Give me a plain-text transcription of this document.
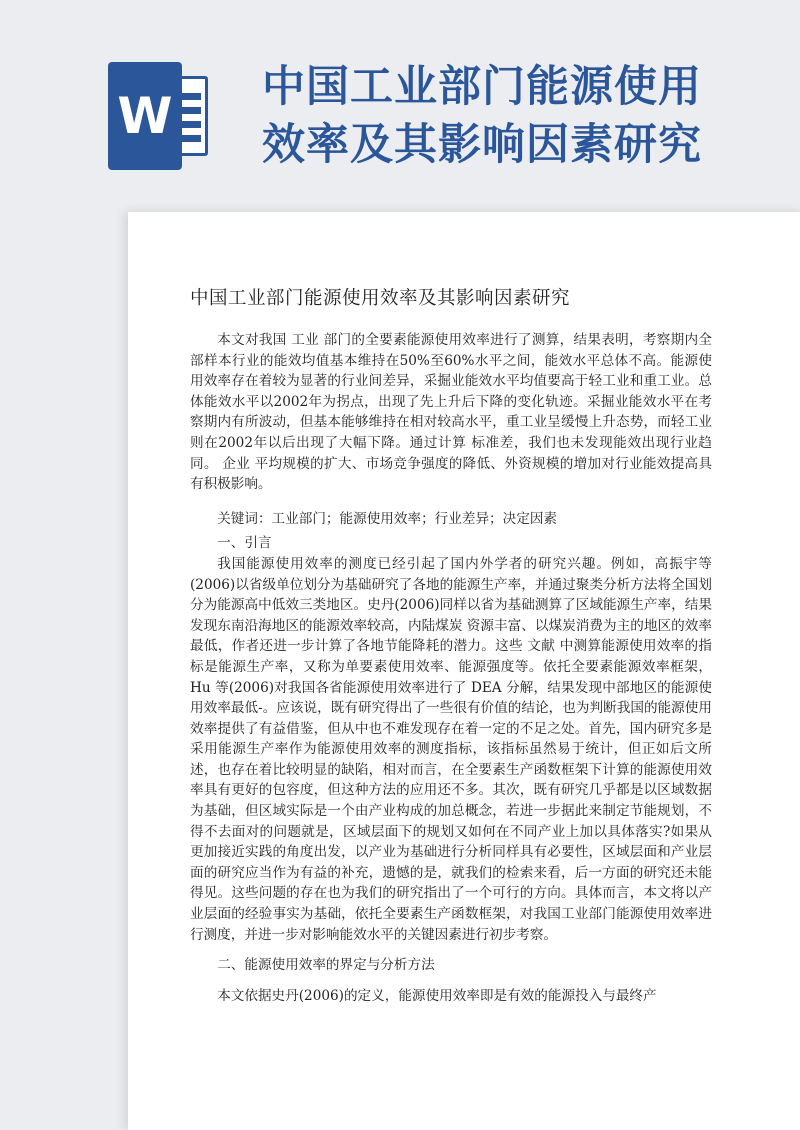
W 中国工业部门能源使用
效率及其影响因素研究
中国工业部门能源使用效率及其影响因素研究

本文对我国 工业 部门的全要素能源使用效率进行了测算，结果表明，考察期内全部样本行业的能效均值基本维持在50%至60%水平之间，能效水平总体不高。能源使用效率存在着较为显著的行业间差异，采掘业能效水平均值要高于轻工业和重工业。总体能效水平以2002年为拐点，出现了先上升后下降的变化轨迹。采掘业能效水平在考察期内有所波动，但基本能够维持在相对较高水平，重工业呈缓慢上升态势，而轻工业则在2002年以后出现了大幅下降。通过计算 标准差，我们也未发现能效出现行业趋同。 企业 平均规模的扩大、市场竞争强度的降低、外资规模的增加对行业能效提高具有积极影响。

关键词：工业部门；能源使用效率；行业差异；决定因素

一、引言

我国能源使用效率的测度已经引起了国内外学者的研究兴趣。例如，高振宇等(2006)以省级单位划分为基础研究了各地的能源生产率，并通过聚类分析方法将全国划分为能源高中低效三类地区。史丹(2006)同样以省为基础测算了区域能源生产率，结果发现东南沿海地区的能源效率较高，内陆煤炭 资源丰富、以煤炭消费为主的地区的效率最低，作者还进一步计算了各地节能降耗的潜力。这些 文献 中测算能源使用效率的指标是能源生产率，又称为单要素使用效率、能源强度等。依托全要素能源效率框架，Hu 等(2006)对我国各省能源使用效率进行了 DEA 分解，结果发现中部地区的能源使用效率最低-。应该说，既有研究得出了一些很有价值的结论，也为判断我国的能源使用效率提供了有益借鉴，但从中也不难发现存在着一定的不足之处。首先，国内研究多是采用能源生产率作为能源使用效率的测度指标，该指标虽然易于统计，但正如后文所述，也存在着比较明显的缺陷，相对而言，在全要素生产函数框架下计算的能源使用效率具有更好的包容度，但这种方法的应用还不多。其次，既有研究几乎都是以区域数据为基础，但区域实际是一个由产业构成的加总概念，若进一步据此来制定节能规划，不得不去面对的问题就是，区域层面下的规划又如何在不同产业上加以具体落实?如果从更加接近实践的角度出发，以产业为基础进行分析同样具有必要性，区域层面和产业层面的研究应当作为有益的补充，遗憾的是，就我们的检索来看，后一方面的研究还未能得见。这些问题的存在也为我们的研究指出了一个可行的方向。具体而言，本文将以产业层面的经验事实为基础，依托全要素生产函数框架，对我国工业部门能源使用效率进行测度，并进一步对影响能效水平的关键因素进行初步考察。

二、能源使用效率的界定与分析方法

本文依据史丹(2006)的定义，能源使用效率即是有效的能源投入与最终产
